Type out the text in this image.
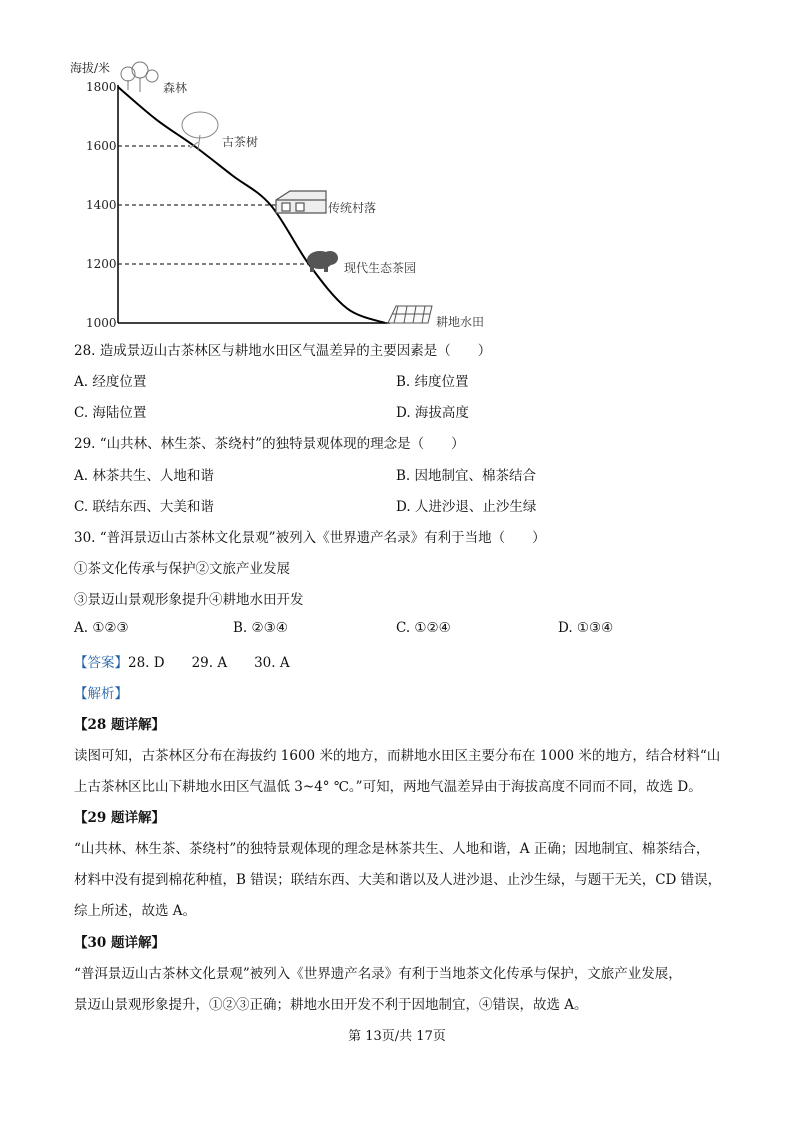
海拔/米
1800
1600
1400
1200
1000
森林
古茶树
传统村落
现代生态茶园
耕地水田
28. 造成景迈山古茶林区与耕地水田区气温差异的主要因素是（　　）
A. 经度位置	B. 纬度位置
C. 海陆位置	D. 海拔高度
29. “山共林、林生茶、茶绕村”的独特景观体现的理念是（　　）
A. 林茶共生、人地和谐	B. 因地制宜、棉茶结合
C. 联结东西、大美和谐	D. 人进沙退、止沙生绿
30. “普洱景迈山古茶林文化景观”被列入《世界遗产名录》有利于当地（　　）
①茶文化传承与保护②文旅产业发展
③景迈山景观形象提升④耕地水田开发
A. ①②③	B. ②③④	C. ①②④	D. ①③④
【答案】28. D　　29. A　　30. A
【解析】
【28 题详解】
读图可知，古茶林区分布在海拔约 1600 米的地方，而耕地水田区主要分布在 1000 米的地方，结合材料“山
上古茶林区比山下耕地水田区气温低 3~4° ℃。”可知，两地气温差异由于海拔高度不同而不同，故选 D。
【29 题详解】
“山共林、林生茶、茶绕村”的独特景观体现的理念是林茶共生、人地和谐，A 正确；因地制宜、棉茶结合，
材料中没有提到棉花种植，B 错误；联结东西、大美和谐以及人进沙退、止沙生绿，与题干无关，CD 错误，
综上所述，故选 A。
【30 题详解】
“普洱景迈山古茶林文化景观”被列入《世界遗产名录》有利于当地茶文化传承与保护，文旅产业发展，
景迈山景观形象提升，①②③正确；耕地水田开发不利于因地制宜，④错误，故选 A。
第 13页/共 17页
